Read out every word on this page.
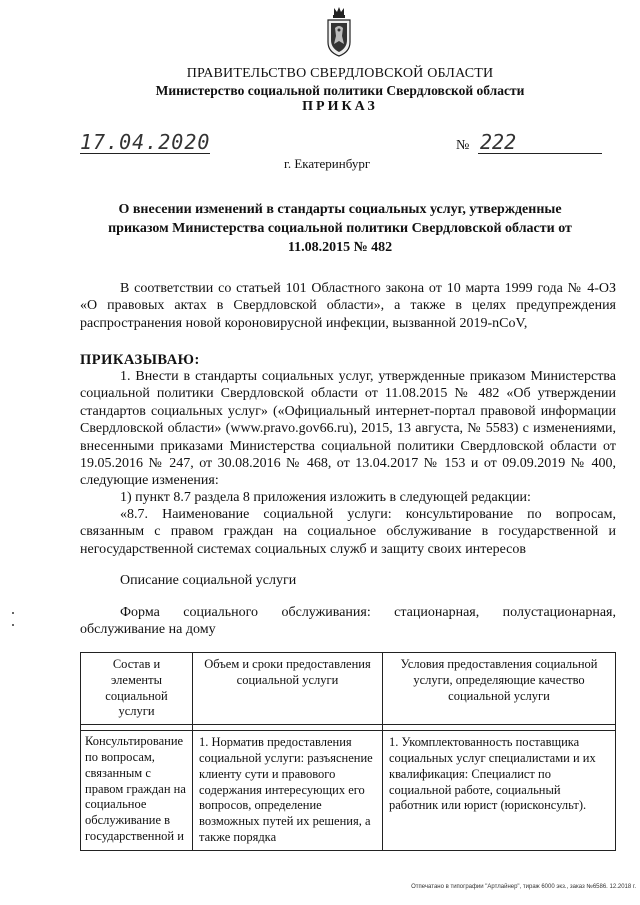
ПРАВИТЕЛЬСТВО СВЕРДЛОВСКОЙ ОБЛАСТИ
Министерство социальной политики Свердловской области
ПРИКАЗ
17.04.2020	№ 222
г. Екатеринбург
О внесении изменений в стандарты социальных услуг, утвержденные приказом Министерства социальной политики Свердловской области от 11.08.2015 № 482

В соответствии со статьей 101 Областного закона от 10 марта 1999 года № 4-ОЗ «О правовых актах в Свердловской области», а также в целях предупреждения распространения новой короновирусной инфекции, вызванной 2019-nCoV,

ПРИКАЗЫВАЮ:

1. Внести в стандарты социальных услуг, утвержденные приказом Министерства социальной политики Свердловской области от 11.08.2015 № 482 «Об утверждении стандартов социальных услуг» («Официальный интернет-портал правовой информации Свердловской области» (www.pravo.gov66.ru), 2015, 13 августа, № 5583) с изменениями, внесенными приказами Министерства социальной политики Свердловской области от 19.05.2016 № 247, от 30.08.2016 № 468, от 13.04.2017 № 153 и от 09.09.2019 № 400, следующие изменения:

1) пункт 8.7 раздела 8 приложения изложить в следующей редакции:

«8.7. Наименование социальной услуги: консультирование по вопросам, связанным с правом граждан на социальное обслуживание в государственной и негосударственной системах социальных служб и защиту своих интересов

Описание социальной услуги

Форма социального обслуживания: стационарная, полустационарная, обслуживание на дому

Состав и элементы социальной услуги	Объем и сроки предоставления социальной услуги	Условия предоставления социальной услуги, определяющие качество социальной услуги

Консультирование по вопросам, связанным с правом граждан на социальное обслуживание в государственной и	1. Норматив предоставления социальной услуги: разъяснение клиенту сути и правового содержания интересующих его вопросов, определение возможных путей их решения, а также порядка	1. Укомплектованность поставщика социальных услуг специалистами и их квалификация: Специалист по социальной работе, социальный работник или юрист (юрисконсульт).
Отпечатано в типографии "Артлайнер", тираж 6000 экз., заказ №6586. 12.2018 г.
